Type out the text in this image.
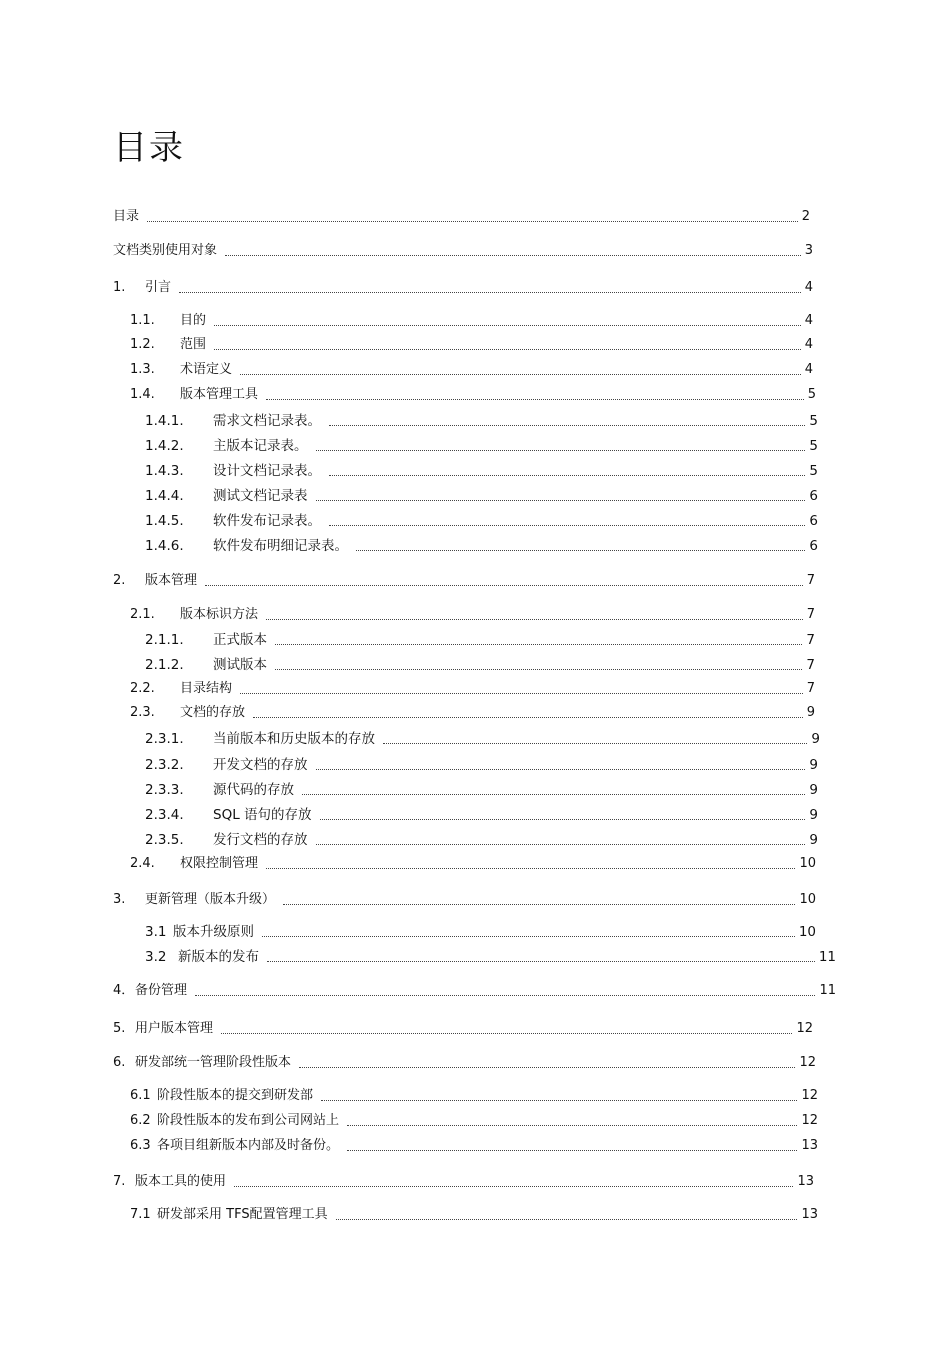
目录
目录	2
文档类别使用对象	3
1.	引言	4
1.1.	目的	4
1.2.	范围	4
1.3.	术语定义	4
1.4.	版本管理工具	5
1.4.1.	需求文档记录表。	5
1.4.2.	主版本记录表。	5
1.4.3.	设计文档记录表。	5
1.4.4.	测试文档记录表	6
1.4.5.	软件发布记录表。	6
1.4.6.	软件发布明细记录表。	6
2.	版本管理	7
2.1.	版本标识方法	7
2.1.1.	正式版本	7
2.1.2.	测试版本	7
2.2.	目录结构	7
2.3.	文档的存放	9
2.3.1.	当前版本和历史版本的存放	9
2.3.2.	开发文档的存放	9
2.3.3.	源代码的存放	9
2.3.4.	SQL 语句的存放	9
2.3.5.	发行文档的存放	9
2.4.	权限控制管理	10
3.	更新管理（版本升级）	10
3.1 版本升级原则	10
3.2 新版本的发布	11
4． 备份管理	11
5. 用户版本管理	12
6. 研发部统一管理阶段性版本	12
6.1 阶段性版本的提交到研发部	12
6.2 阶段性版本的发布到公司网站上	12
6.3 各项目组新版本内部及时备份。	13
7. 版本工具的使用	13
7.1 研发部采用 TFS配置管理工具	13
